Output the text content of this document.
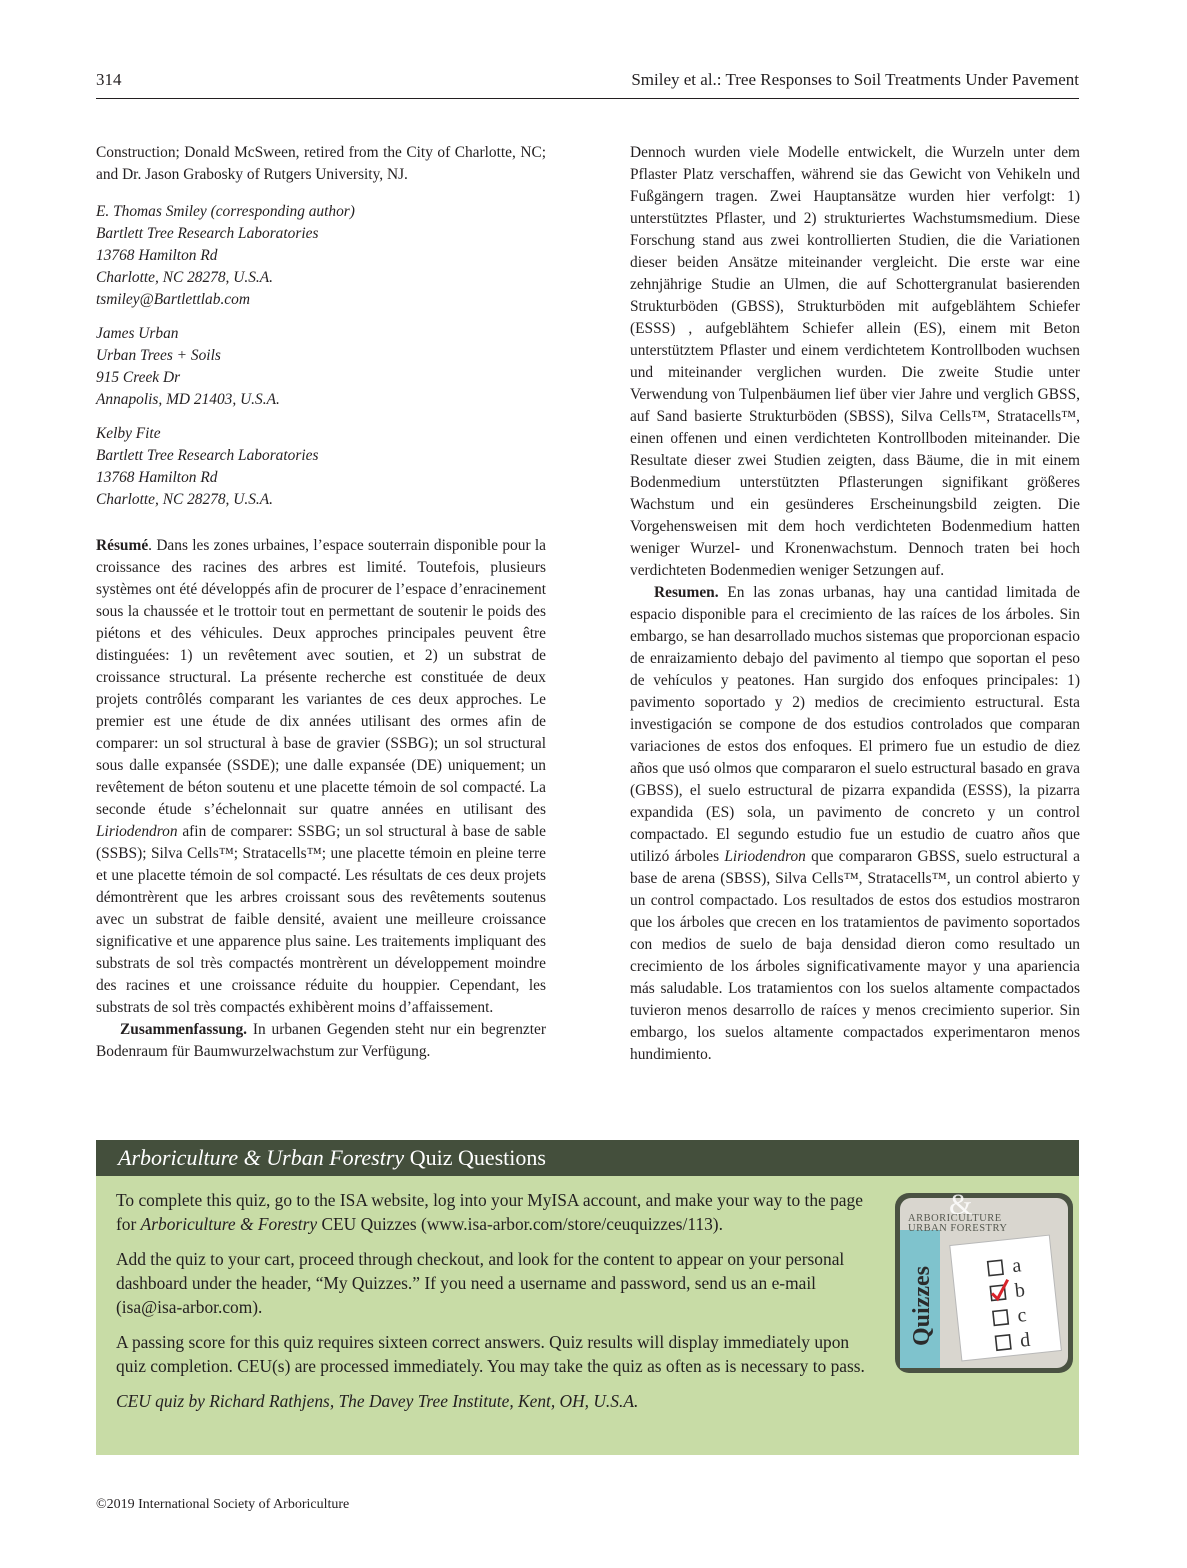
314	Smiley et al.: Tree Responses to Soil Treatments Under Pavement

Construction; Donald McSween, retired from the City of Charlotte, NC; and Dr. Jason Grabosky of Rutgers University, NJ.

E. Thomas Smiley (corresponding author)
Bartlett Tree Research Laboratories
13768 Hamilton Rd
Charlotte, NC 28278, U.S.A.
tsmiley@Bartlettlab.com
James Urban
Urban Trees + Soils
915 Creek Dr
Annapolis, MD 21403, U.S.A.
Kelby Fite
Bartlett Tree Research Laboratories
13768 Hamilton Rd
Charlotte, NC 28278, U.S.A.

Résumé. Dans les zones urbaines, l’espace souterrain disponible pour la croissance des racines des arbres est limité. Toutefois, plusieurs systèmes ont été développés afin de procurer de l’espace d’enracinement sous la chaussée et le trottoir tout en permettant de soutenir le poids des piétons et des véhicules. Deux approches principales peuvent être distinguées: 1) un revêtement avec soutien, et 2) un substrat de croissance structural. La présente recherche est constituée de deux projets contrôlés comparant les variantes de ces deux approches. Le premier est une étude de dix années utilisant des ormes afin de comparer: un sol structural à base de gravier (SSBG); un sol structural sous dalle expansée (SSDE); une dalle expansée (DE) uniquement; un revêtement de béton soutenu et une placette témoin de sol compacté. La seconde étude s’échelonnait sur quatre années en utilisant des Liriodendron afin de comparer: SSBG; un sol structural à base de sable (SSBS); Silva Cells™; Stratacells™; une placette témoin en pleine terre et une placette témoin de sol compacté. Les résultats de ces deux projets démontrèrent que les arbres croissant sous des revêtements soutenus avec un substrat de faible densité, avaient une meilleure croissance significative et une apparence plus saine. Les traitements impliquant des substrats de sol très compactés montrèrent un développement moindre des racines et une croissance réduite du houppier. Cependant, les substrats de sol très compactés exhibèrent moins d’affaissement.

Zusammenfassung. In urbanen Gegenden steht nur ein begrenzter Bodenraum für Baumwurzelwachstum zur Verfügung.

Dennoch wurden viele Modelle entwickelt, die Wurzeln unter dem Pflaster Platz verschaffen, während sie das Gewicht von Vehikeln und Fußgängern tragen. Zwei Hauptansätze wurden hier verfolgt: 1) unterstütztes Pflaster, und 2) strukturiertes Wachstumsmedium. Diese Forschung stand aus zwei kontrollierten Studien, die die Variationen dieser beiden Ansätze miteinander vergleicht. Die erste war eine zehnjährige Studie an Ulmen, die auf Schottergranulat basierenden Strukturböden (GBSS), Strukturböden mit aufgeblähtem Schiefer (ESSS) , aufgeblähtem Schiefer allein (ES), einem mit Beton unterstütztem Pflaster und einem verdichtetem Kontrollboden wuchsen und miteinander verglichen wurden. Die zweite Studie unter Verwendung von Tulpenbäumen lief über vier Jahre und verglich GBSS, auf Sand basierte Strukturböden (SBSS), Silva Cells™, Stratacells™, einen offenen und einen verdichteten Kontrollboden miteinander. Die Resultate dieser zwei Studien zeigten, dass Bäume, die in mit einem Bodenmedium unterstützten Pflasterungen signifikant größeres Wachstum und ein gesünderes Erscheinungsbild zeigten. Die Vorgehensweisen mit dem hoch verdichteten Bodenmedium hatten weniger Wurzel- und Kronenwachstum. Dennoch traten bei hoch verdichteten Bodenmedien weniger Setzungen auf.

Resumen. En las zonas urbanas, hay una cantidad limitada de espacio disponible para el crecimiento de las raíces de los árboles. Sin embargo, se han desarrollado muchos sistemas que proporcionan espacio de enraizamiento debajo del pavimento al tiempo que soportan el peso de vehículos y peatones. Han surgido dos enfoques principales: 1) pavimento soportado y 2) medios de crecimiento estructural. Esta investigación se compone de dos estudios controlados que comparan variaciones de estos dos enfoques. El primero fue un estudio de diez años que usó olmos que compararon el suelo estructural basado en grava (GBSS), el suelo estructural de pizarra expandida (ESSS), la pizarra expandida (ES) sola, un pavimento de concreto y un control compactado. El segundo estudio fue un estudio de cuatro años que utilizó árboles Liriodendron que compararon GBSS, suelo estructural a base de arena (SBSS), Silva Cells™, Stratacells™, un control abierto y un control compactado. Los resultados de estos dos estudios mostraron que los árboles que crecen en los tratamientos de pavimento soportados con medios de suelo de baja densidad dieron como resultado un crecimiento de los árboles significativamente mayor y una apariencia más saludable. Los tratamientos con los suelos altamente compactados tuvieron menos desarrollo de raíces y menos crecimiento superior. Sin embargo, los suelos altamente compactados experimentaron menos hundimiento.

Arboriculture & Urban Forestry Quiz Questions

To complete this quiz, go to the ISA website, log into your MyISA account, and make your way to the page for Arboriculture & Forestry CEU Quizzes (www.isa-arbor.com/store/ceuquizzes/113).

Add the quiz to your cart, proceed through checkout, and look for the content to appear on your personal dashboard under the header, “My Quizzes.” If you need a username and password, send us an e-mail (isa@isa-arbor.com).

A passing score for this quiz requires sixteen correct answers. Quiz results will display immediately upon quiz completion. CEU(s) are processed immediately. You may take the quiz as often as is necessary to pass.

CEU quiz by Richard Rathjens, The Davey Tree Institute, Kent, OH, U.S.A.

&
ARBORICULTURE
URBAN FORESTRY
Quizzes
a
b
c
d
©2019 International Society of Arboriculture
